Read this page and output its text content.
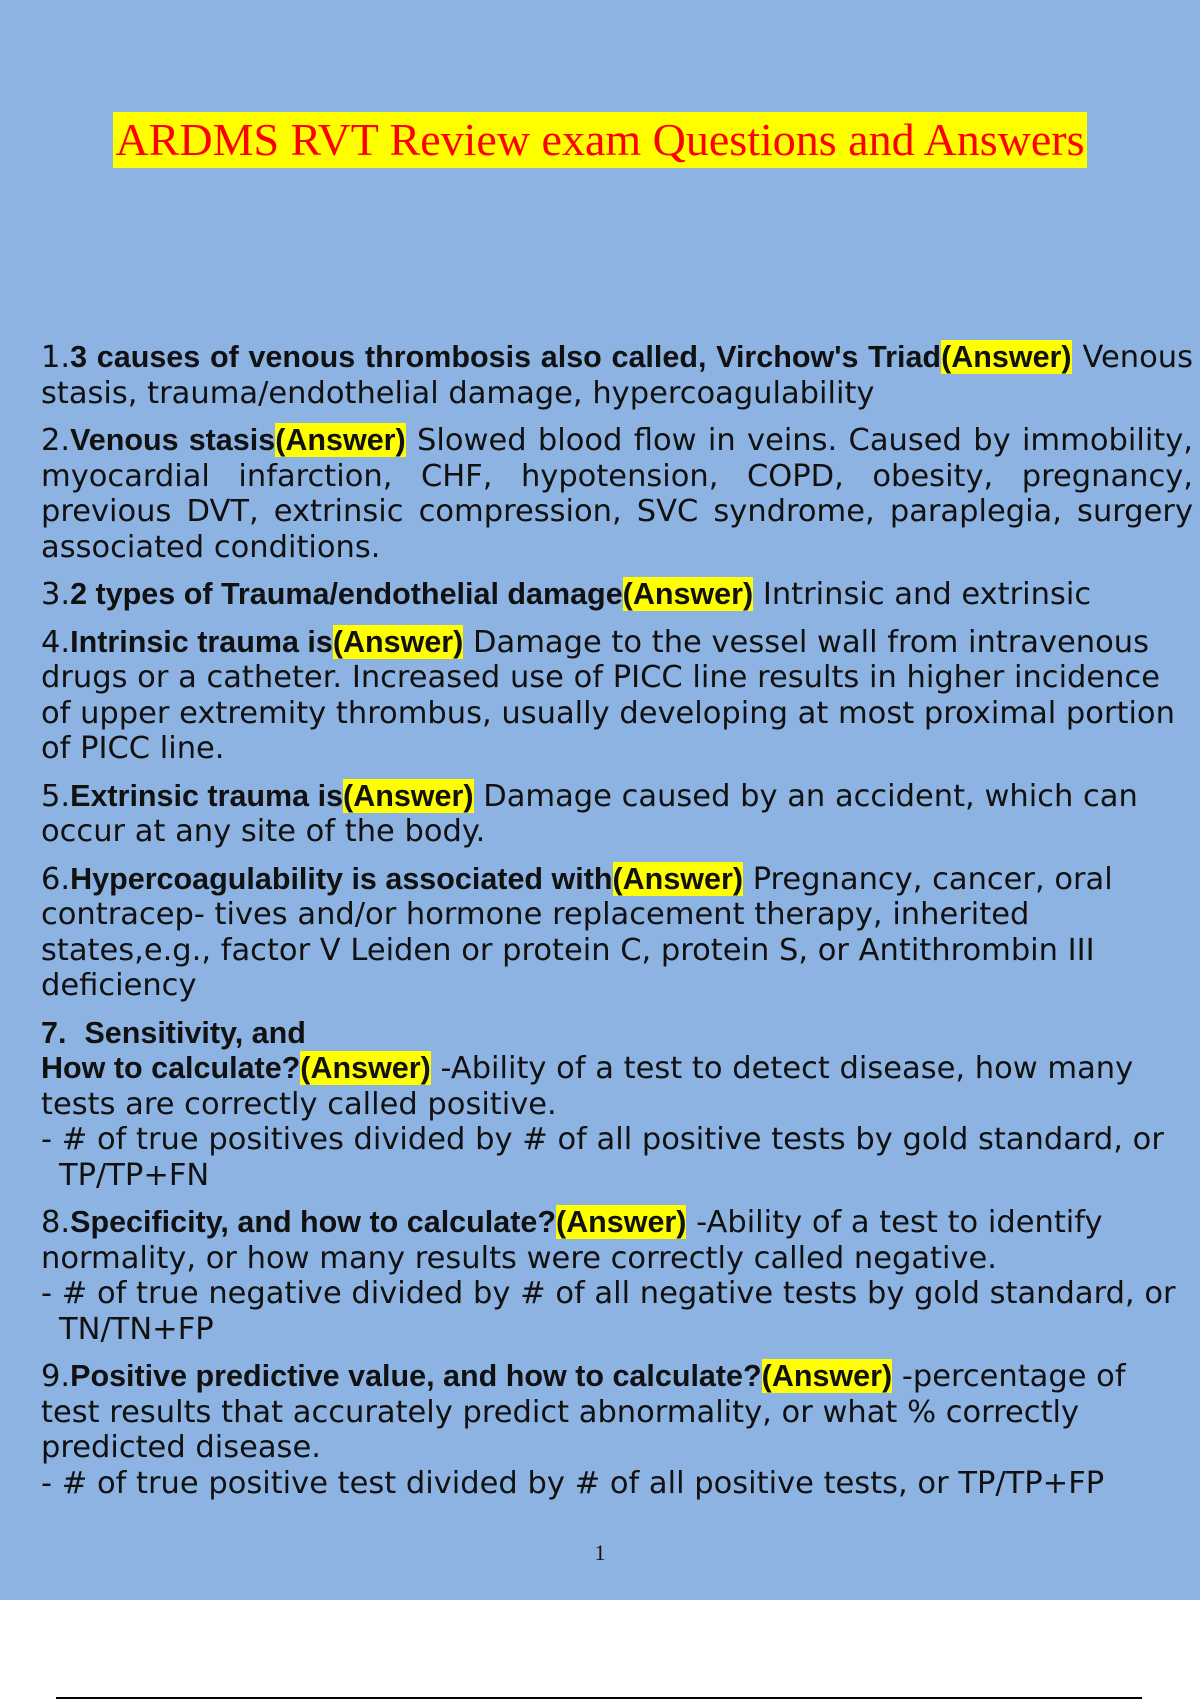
ARDMS RVT Review exam Questions and Answers
1.3 causes of venous thrombosis also called, Virchow's Triad(Answer) Venous stasis, trauma/endothelial damage, hypercoagulability
2.Venous stasis(Answer) Slowed blood flow in veins. Caused by immobility, myocardial infarction, CHF, hypotension, COPD, obesity, pregnancy, previous DVT, extrinsic compression, SVC syndrome, paraplegia, surgery associated conditions.
3.2 types of Trauma/endothelial damage(Answer) Intrinsic and extrinsic
4.Intrinsic trauma is(Answer) Damage to the vessel wall from intravenous drugs or a catheter. Increased use of PICC line results in higher incidence of upper extremity thrombus, usually developing at most proximal portion of PICC line.
5.Extrinsic trauma is(Answer) Damage caused by an accident, which can occur at any site of the body.
6.Hypercoagulability is associated with(Answer) Pregnancy, cancer, oral contracep- tives and/or hormone replacement therapy, inherited states,e.g., factor V Leiden or protein C, protein S, or Antithrombin III deficiency
7. Sensitivity, and
How to calculate?(Answer) -Ability of a test to detect disease, how many tests are correctly called positive.
- # of true positives divided by # of all positive tests by gold standard, or TP/TP+FN
8.Specificity, and how to calculate?(Answer) -Ability of a test to identify normality, or how many results were correctly called negative.
- # of true negative divided by # of all negative tests by gold standard, or TN/TN+FP
9.Positive predictive value, and how to calculate?(Answer) -percentage of test results that accurately predict abnormality, or what % correctly predicted disease.
- # of true positive test divided by # of all positive tests, or TP/TP+FP
1
